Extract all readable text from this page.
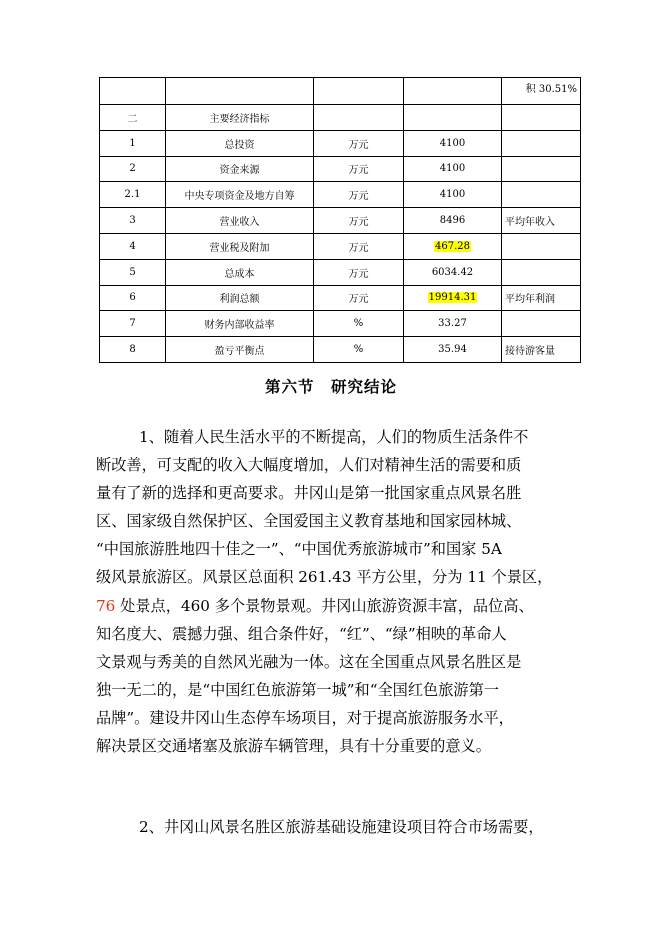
				积 30.51%
二	主要经济指标			
1	总投资	万元	4100	
2	资金来源	万元	4100	
2.1	中央专项资金及地方自筹	万元	4100	
3	营业收入	万元	8496	平均年收入
4	营业税及附加	万元	467.28	
5	总成本	万元	6034.42	
6	利润总额	万元	19914.31	平均年利润
7	财务内部收益率	%	33.27	
8	盈亏平衡点	%	35.94	接待游客量
第六节　研究结论
1、随着人民生活水平的不断提高，人们的物质生活条件不
断改善，可支配的收入大幅度增加，人们对精神生活的需要和质
量有了新的选择和更高要求。井冈山是第一批国家重点风景名胜
区、国家级自然保护区、全国爱国主义教育基地和国家园林城、
“中国旅游胜地四十佳之一”、“中国优秀旅游城市”和国家 5A
级风景旅游区。风景区总面积 261.43 平方公里，分为 11 个景区，
76 处景点，460 多个景物景观。井冈山旅游资源丰富，品位高、
知名度大、震撼力强、组合条件好，“红”、“绿”相映的革命人
文景观与秀美的自然风光融为一体。这在全国重点风景名胜区是
独一无二的，是“中国红色旅游第一城”和“全国红色旅游第一
品牌”。建设井冈山生态停车场项目，对于提高旅游服务水平，
解决景区交通堵塞及旅游车辆管理，具有十分重要的意义。
2、井冈山风景名胜区旅游基础设施建设项目符合市场需要，
